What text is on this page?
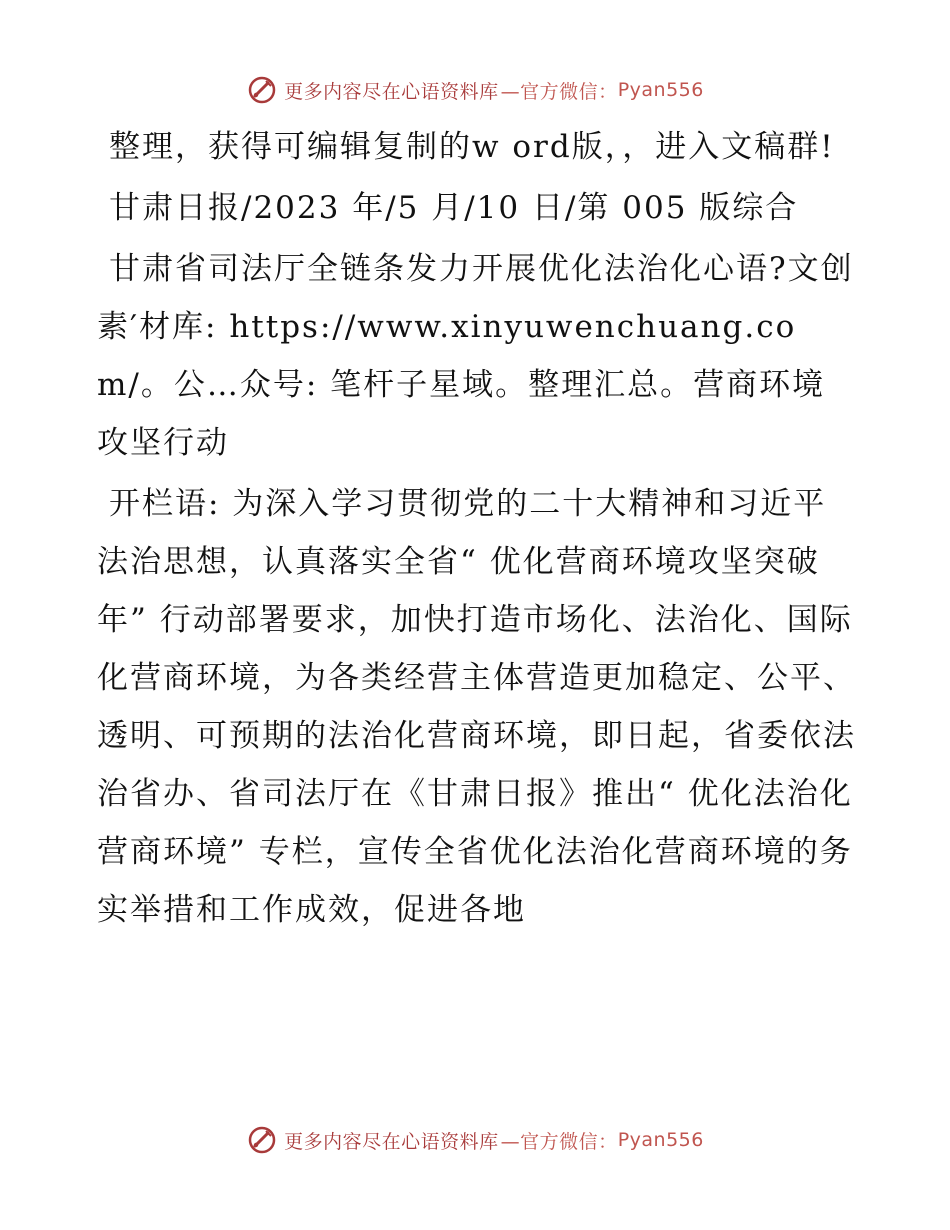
更多内容尽在心语资料库 —官方微信： Pyan556

整理，获得可编辑复制的w ord版，，进入文稿群!

甘肃日报/2023 年/5 月/10 日/第 005 版综合

甘肃省司法厅全链条发力开展优化法治化心语?文创素′材库: https://www.xinyuwenchuang.com/。公…众号: 笔杆子星域。整理汇总。营商环境攻坚行动

开栏语: 为深入学习贯彻党的二十大精神和习近平法治思想，认真落实全省“ 优化营商环境攻坚突破年” 行动部署要求，加快打造市场化、法治化、国际化营商环境，为各类经营主体营造更加稳定、公平、透明、可预期的法治化营商环境，即日起，省委依法治省办、省司法厅在《甘肃日报》推出“ 优化法治化营商环境” 专栏，宣传全省优化法治化营商环境的务实举措和工作成效，促进各地

更多内容尽在心语资料库 —官方微信： Pyan556
